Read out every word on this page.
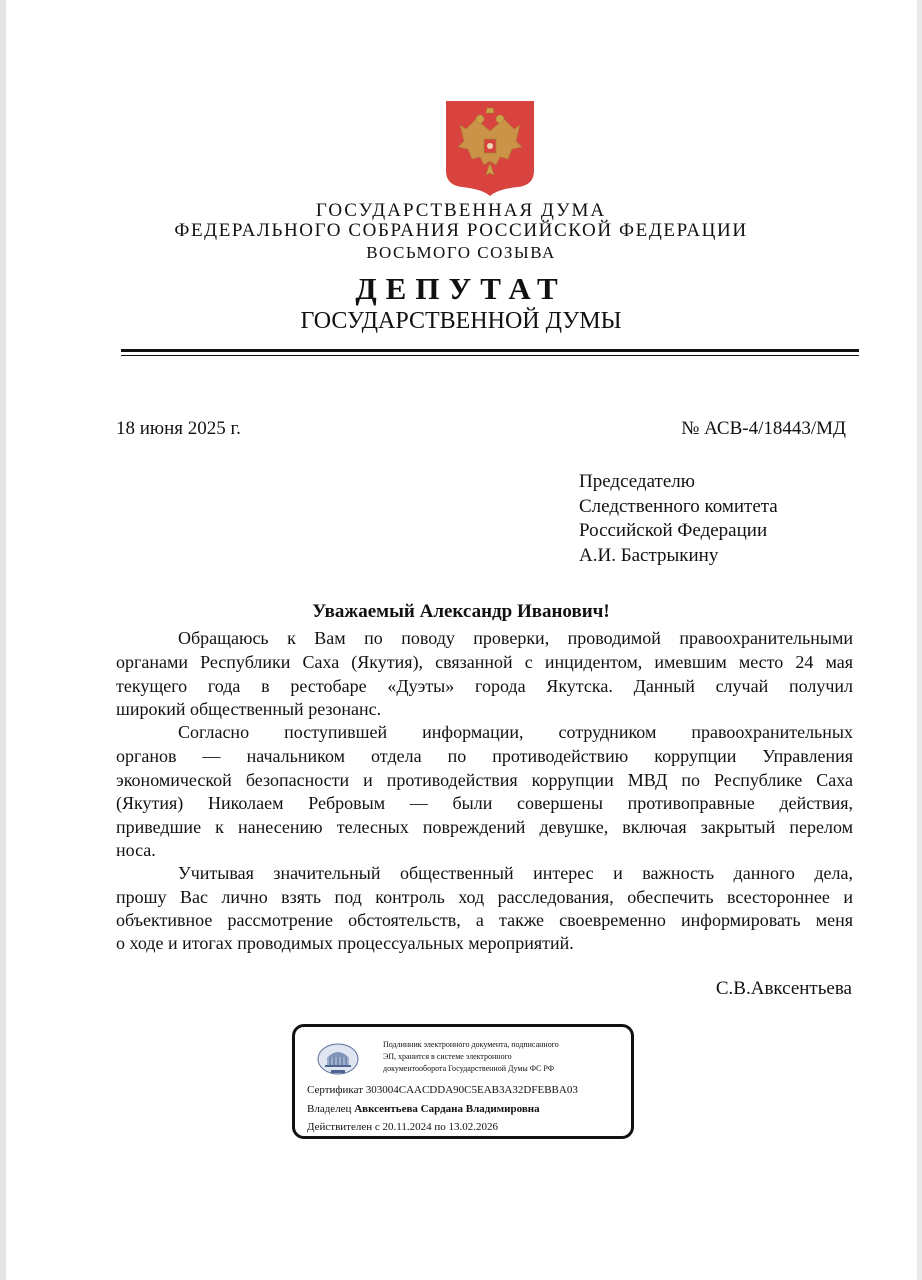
ГОСУДАРСТВЕННАЯ ДУМА
ФЕДЕРАЛЬНОГО СОБРАНИЯ РОССИЙСКОЙ ФЕДЕРАЦИИ
ВОСЬМОГО СОЗЫВА
ДЕПУТАТ
ГОСУДАРСТВЕННОЙ ДУМЫ
18 июня 2025 г.	№ АСВ-4/18443/МД
Председателю
Следственного комитета
Российской Федерации
А.И. Бастрыкину
Уважаемый Александр Иванович!
Обращаюсь к Вам по поводу проверки, проводимой правоохранительными
органами Республики Саха (Якутия), связанной с инцидентом, имевшим место 24 мая
текущего года в рестобаре «Дуэты» города Якутска. Данный случай получил
широкий общественный резонанс.
Согласно поступившей информации, сотрудником правоохранительных
органов — начальником отдела по противодействию коррупции Управления
экономической безопасности и противодействия коррупции МВД по Республике Саха
(Якутия) Николаем Ребровым — были совершены противоправные действия,
приведшие к нанесению телесных повреждений девушке, включая закрытый перелом
носа.
Учитывая значительный общественный интерес и важность данного дела,
прошу Вас лично взять под контроль ход расследования, обеспечить всестороннее и
объективное рассмотрение обстоятельств, а также своевременно информировать меня
о ходе и итогах проводимых процессуальных мероприятий.
С.В.Авксентьева
Подлинник электронного документа, подписанного
ЭП, хранится в системе электронного
документооборота Государственной Думы ФС РФ
Сертификат 303004CAACDDA90C5EAB3A32DFEBBA03
Владелец Авксентьева Сардана Владимировна
Действителен с 20.11.2024 по 13.02.2026
